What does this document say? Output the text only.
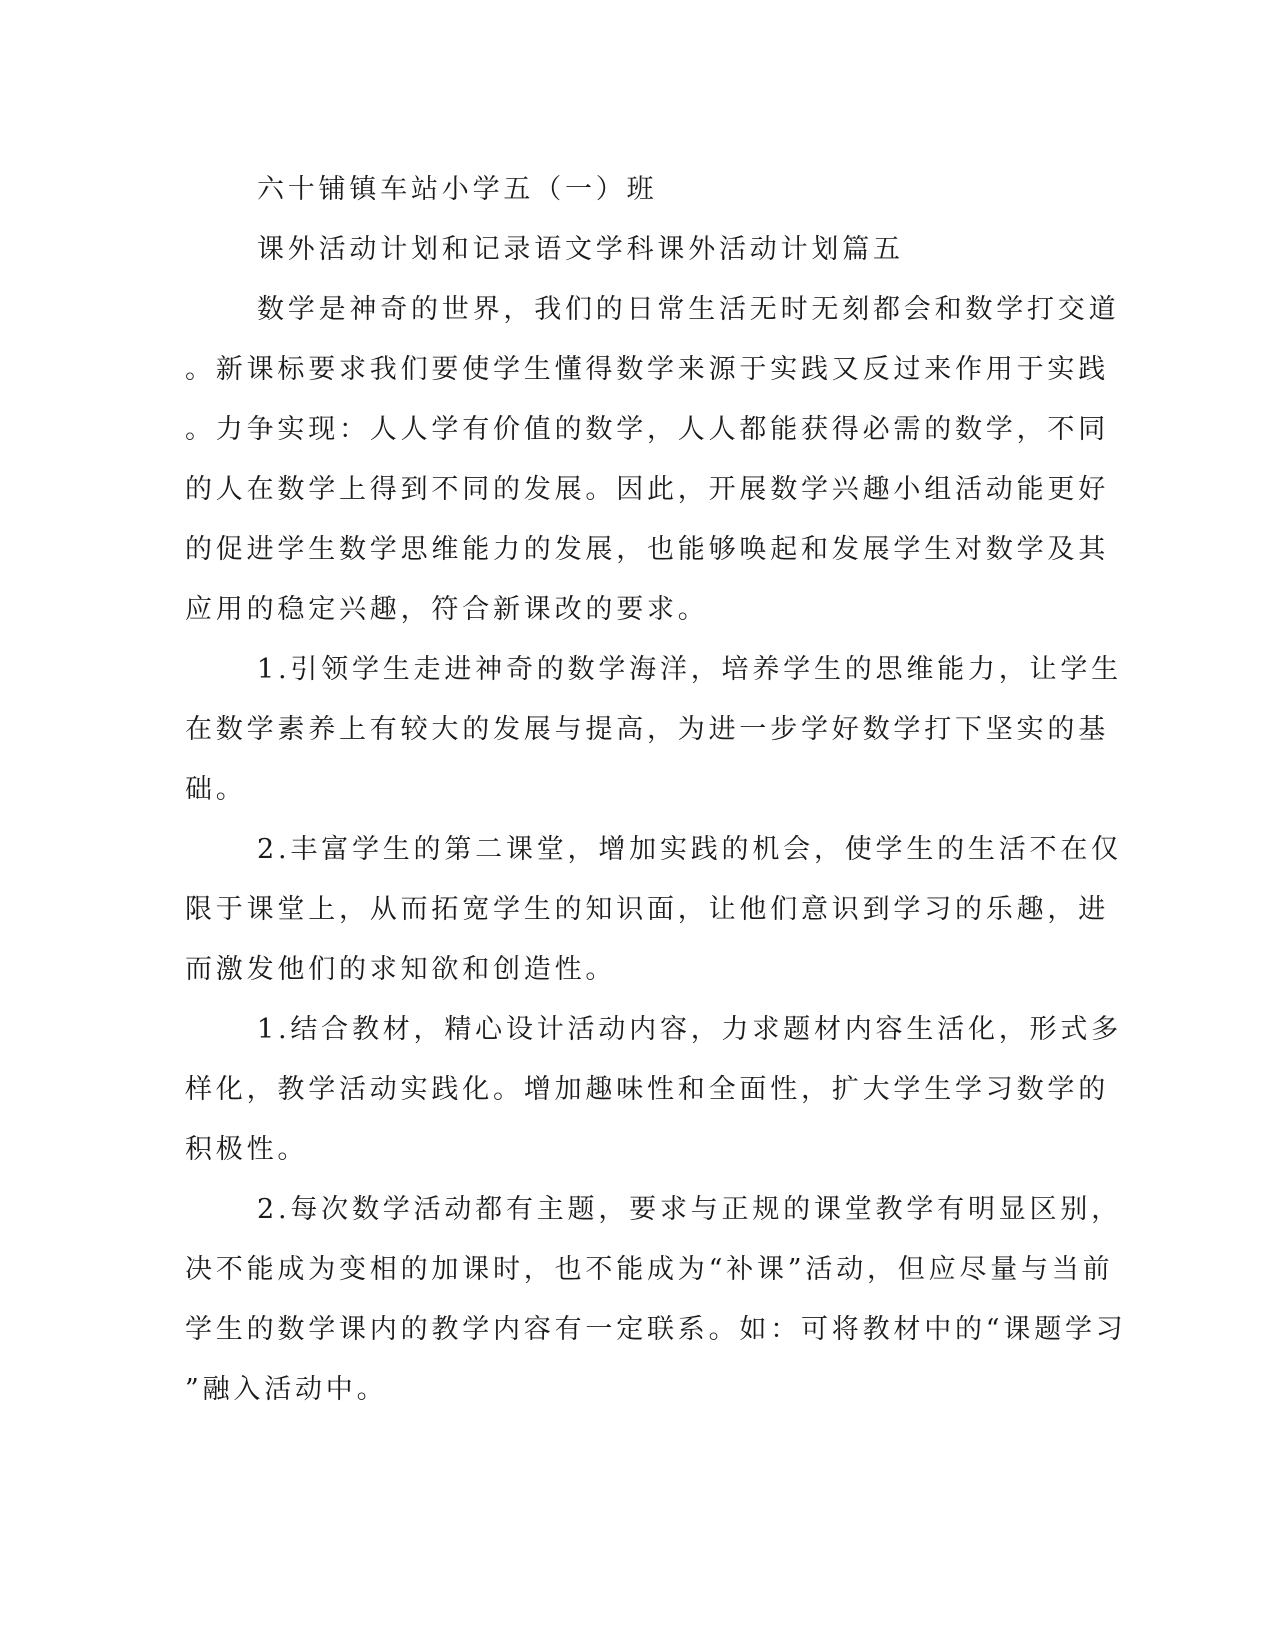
六十铺镇车站小学五（一）班
课外活动计划和记录语文学科课外活动计划篇五
数学是神奇的世界，我们的日常生活无时无刻都会和数学打交道
。新课标要求我们要使学生懂得数学来源于实践又反过来作用于实践
。力争实现：人人学有价值的数学，人人都能获得必需的数学，不同
的人在数学上得到不同的发展。因此，开展数学兴趣小组活动能更好
的促进学生数学思维能力的发展，也能够唤起和发展学生对数学及其
应用的稳定兴趣，符合新课改的要求。
1.引领学生走进神奇的数学海洋，培养学生的思维能力，让学生
在数学素养上有较大的发展与提高，为进一步学好数学打下坚实的基
础。
2.丰富学生的第二课堂，增加实践的机会，使学生的生活不在仅
限于课堂上，从而拓宽学生的知识面，让他们意识到学习的乐趣，进
而激发他们的求知欲和创造性。
1.结合教材，精心设计活动内容，力求题材内容生活化，形式多
样化，教学活动实践化。增加趣味性和全面性，扩大学生学习数学的
积极性。
2.每次数学活动都有主题，要求与正规的课堂教学有明显区别，
决不能成为变相的加课时，也不能成为“补课”活动，但应尽量与当前
学生的数学课内的教学内容有一定联系。如：可将教材中的“课题学习
”融入活动中。
